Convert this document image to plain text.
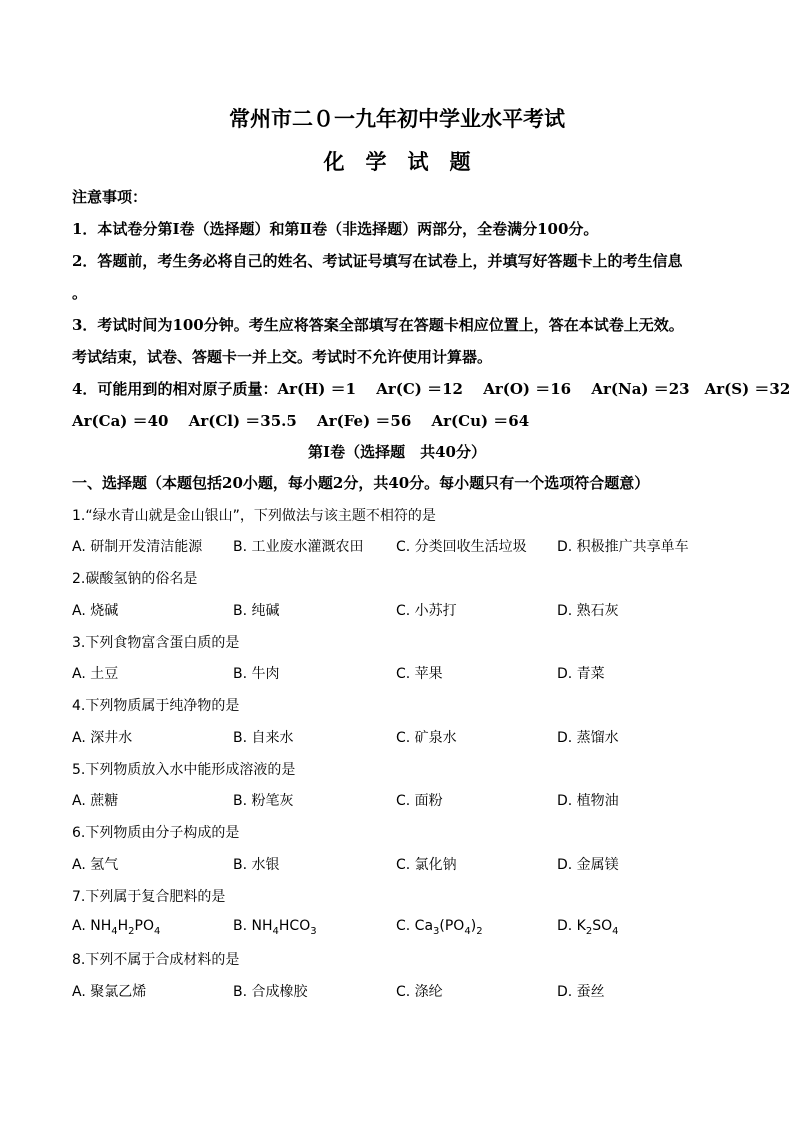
常州市二０一九年初中学业水平考试
化　学　试　题
注意事项：
1．本试卷分第Ⅰ卷（选择题）和第Ⅱ卷（非选择题）两部分，全卷满分100分。
2．答题前，考生务必将自己的姓名、考试证号填写在试卷上，并填写好答题卡上的考生信息
。
3．考试时间为100分钟。考生应将答案全部填写在答题卡相应位置上，答在本试卷上无效。
考试结束，试卷、答题卡一并上交。考试时不允许使用计算器。
4．可能用到的相对原子质量：Ar(H) ＝1　 Ar(C) ＝12　 Ar(O) ＝16　 Ar(Na) ＝23　Ar(S) ＝32
Ar(Ca) ＝40　 Ar(Cl) ＝35.5　 Ar(Fe) ＝56　 Ar(Cu) ＝64
第Ⅰ卷（选择题　共40分）
一、选择题（本题包括20小题，每小题2分，共40分。每小题只有一个选项符合题意）
1.“绿水青山就是金山银山”，下列做法与该主题不相符的是
A. 研制开发清洁能源 B. 工业废水灌溉农田 C. 分类回收生活垃圾 D. 积极推广共享单车
2.碳酸氢钠的俗名是
A. 烧碱	B. 纯碱	C. 小苏打	D. 熟石灰
3.下列食物富含蛋白质的是
A. 土豆	B. 牛肉	C. 苹果	D. 青菜
4.下列物质属于纯净物的是
A. 深井水	B. 自来水	C. 矿泉水	D. 蒸馏水
5.下列物质放入水中能形成溶液的是
A. 蔗糖	B. 粉笔灰	C. 面粉	D. 植物油
6.下列物质由分子构成的是
A. 氢气	B. 水银	C. 氯化钠	D. 金属镁
7.下列属于复合肥料的是
A. $NH_4H_2PO_4$	B. $NH_4HCO_3$	C. $Ca_3(PO_4)_2$	D. $K_2SO_4$
8.下列不属于合成材料的是
A. 聚氯乙烯	B. 合成橡胶	C. 涤纶	D. 蚕丝
